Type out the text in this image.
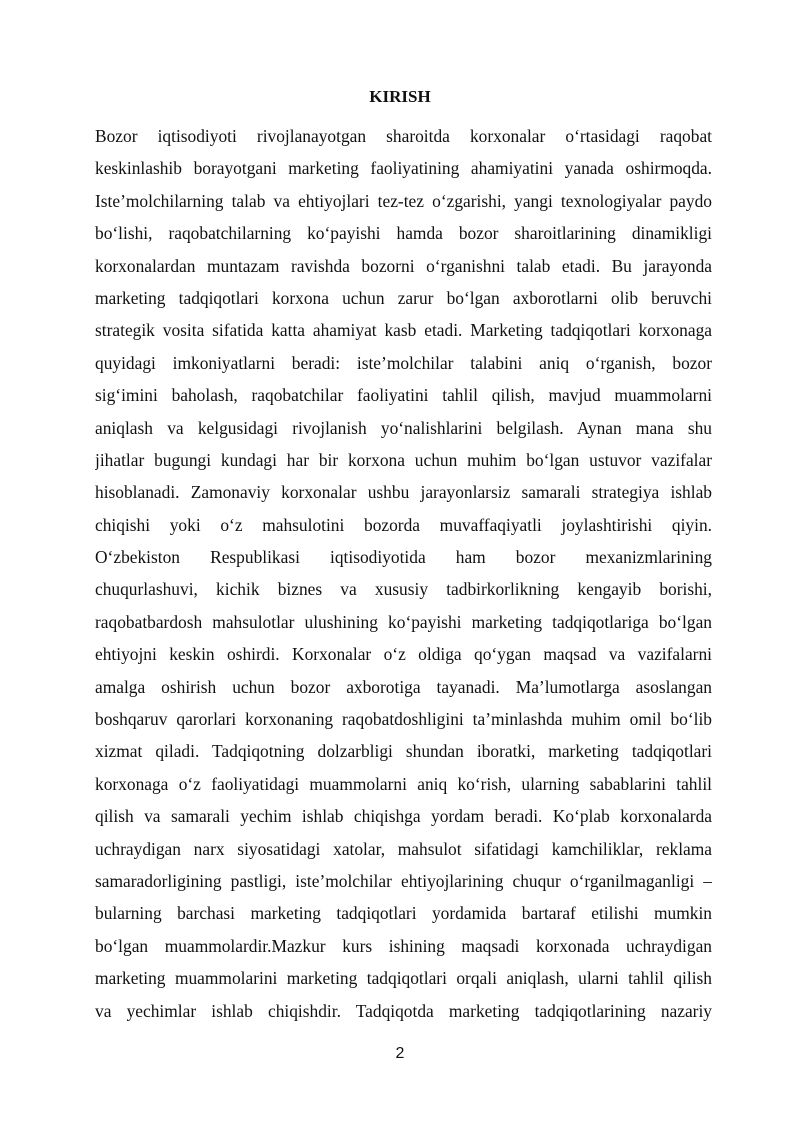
KIRISH
Bozor iqtisodiyoti rivojlanayotgan sharoitda korxonalar oʻrtasidagi raqobat
keskinlashib borayotgani marketing faoliyatining ahamiyatini yanada oshirmoqda.
Iste’molchilarning talab va ehtiyojlari tez-tez oʻzgarishi, yangi texnologiyalar paydo
boʻlishi, raqobatchilarning koʻpayishi hamda bozor sharoitlarining dinamikligi
korxonalardan muntazam ravishda bozorni oʻrganishni talab etadi. Bu jarayonda
marketing tadqiqotlari korxona uchun zarur boʻlgan axborotlarni olib beruvchi
strategik vosita sifatida katta ahamiyat kasb etadi. Marketing tadqiqotlari korxonaga
quyidagi imkoniyatlarni beradi: iste’molchilar talabini aniq oʻrganish, bozor
sigʻimini baholash, raqobatchilar faoliyatini tahlil qilish, mavjud muammolarni
aniqlash va kelgusidagi rivojlanish yoʻnalishlarini belgilash. Aynan mana shu
jihatlar bugungi kundagi har bir korxona uchun muhim boʻlgan ustuvor vazifalar
hisoblanadi. Zamonaviy korxonalar ushbu jarayonlarsiz samarali strategiya ishlab
chiqishi yoki oʻz mahsulotini bozorda muvaffaqiyatli joylashtirishi qiyin.
Oʻzbekiston Respublikasi iqtisodiyotida ham bozor mexanizmlarining
chuqurlashuvi, kichik biznes va xususiy tadbirkorlikning kengayib borishi,
raqobatbardosh mahsulotlar ulushining koʻpayishi marketing tadqiqotlariga boʻlgan
ehtiyojni keskin oshirdi. Korxonalar oʻz oldiga qoʻygan maqsad va vazifalarni
amalga oshirish uchun bozor axborotiga tayanadi. Ma’lumotlarga asoslangan
boshqaruv qarorlari korxonaning raqobatdoshligini ta’minlashda muhim omil boʻlib
xizmat qiladi. Tadqiqotning dolzarbligi shundan iboratki, marketing tadqiqotlari
korxonaga oʻz faoliyatidagi muammolarni aniq koʻrish, ularning sabablarini tahlil
qilish va samarali yechim ishlab chiqishga yordam beradi. Koʻplab korxonalarda
uchraydigan narx siyosatidagi xatolar, mahsulot sifatidagi kamchiliklar, reklama
samaradorligining pastligi, iste’molchilar ehtiyojlarining chuqur oʻrganilmaganligi –
bularning barchasi marketing tadqiqotlari yordamida bartaraf etilishi mumkin
boʻlgan muammolardir.Mazkur kurs ishining maqsadi korxonada uchraydigan
marketing muammolarini marketing tadqiqotlari orqali aniqlash, ularni tahlil qilish
va yechimlar ishlab chiqishdir. Tadqiqotda marketing tadqiqotlarining nazariy
2
